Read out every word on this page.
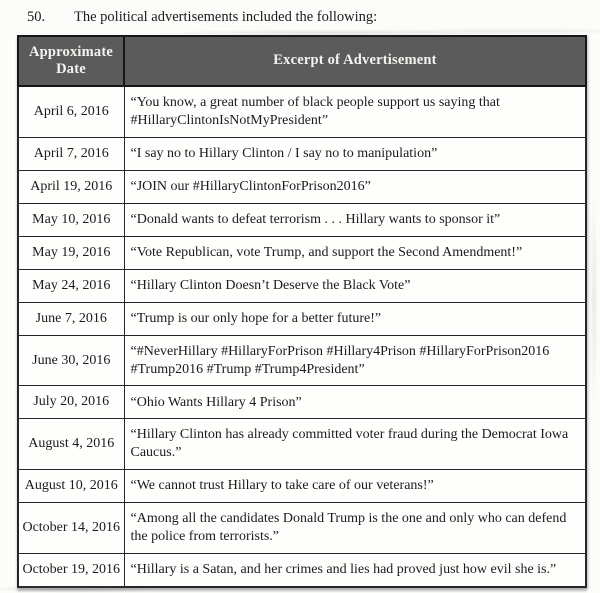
50. The political advertisements included the following:
Approximate Date	Excerpt of Advertisement
April 6, 2016	“You know, a great number of black people support us saying that #HillaryClintonIsNotMyPresident”
April 7, 2016	“I say no to Hillary Clinton / I say no to manipulation”
April 19, 2016	“JOIN our #HillaryClintonForPrison2016”
May 10, 2016	“Donald wants to defeat terrorism . . . Hillary wants to sponsor it”
May 19, 2016	“Vote Republican, vote Trump, and support the Second Amendment!”
May 24, 2016	“Hillary Clinton Doesn’t Deserve the Black Vote”
June 7, 2016	“Trump is our only hope for a better future!”
June 30, 2016	“#NeverHillary #HillaryForPrison #Hillary4Prison #HillaryForPrison2016 #Trump2016 #Trump #Trump4President”
July 20, 2016	“Ohio Wants Hillary 4 Prison”
August 4, 2016	“Hillary Clinton has already committed voter fraud during the Democrat Iowa Caucus.”
August 10, 2016	“We cannot trust Hillary to take care of our veterans!”
October 14, 2016	“Among all the candidates Donald Trump is the one and only who can defend the police from terrorists.”
October 19, 2016	“Hillary is a Satan, and her crimes and lies had proved just how evil she is.”
